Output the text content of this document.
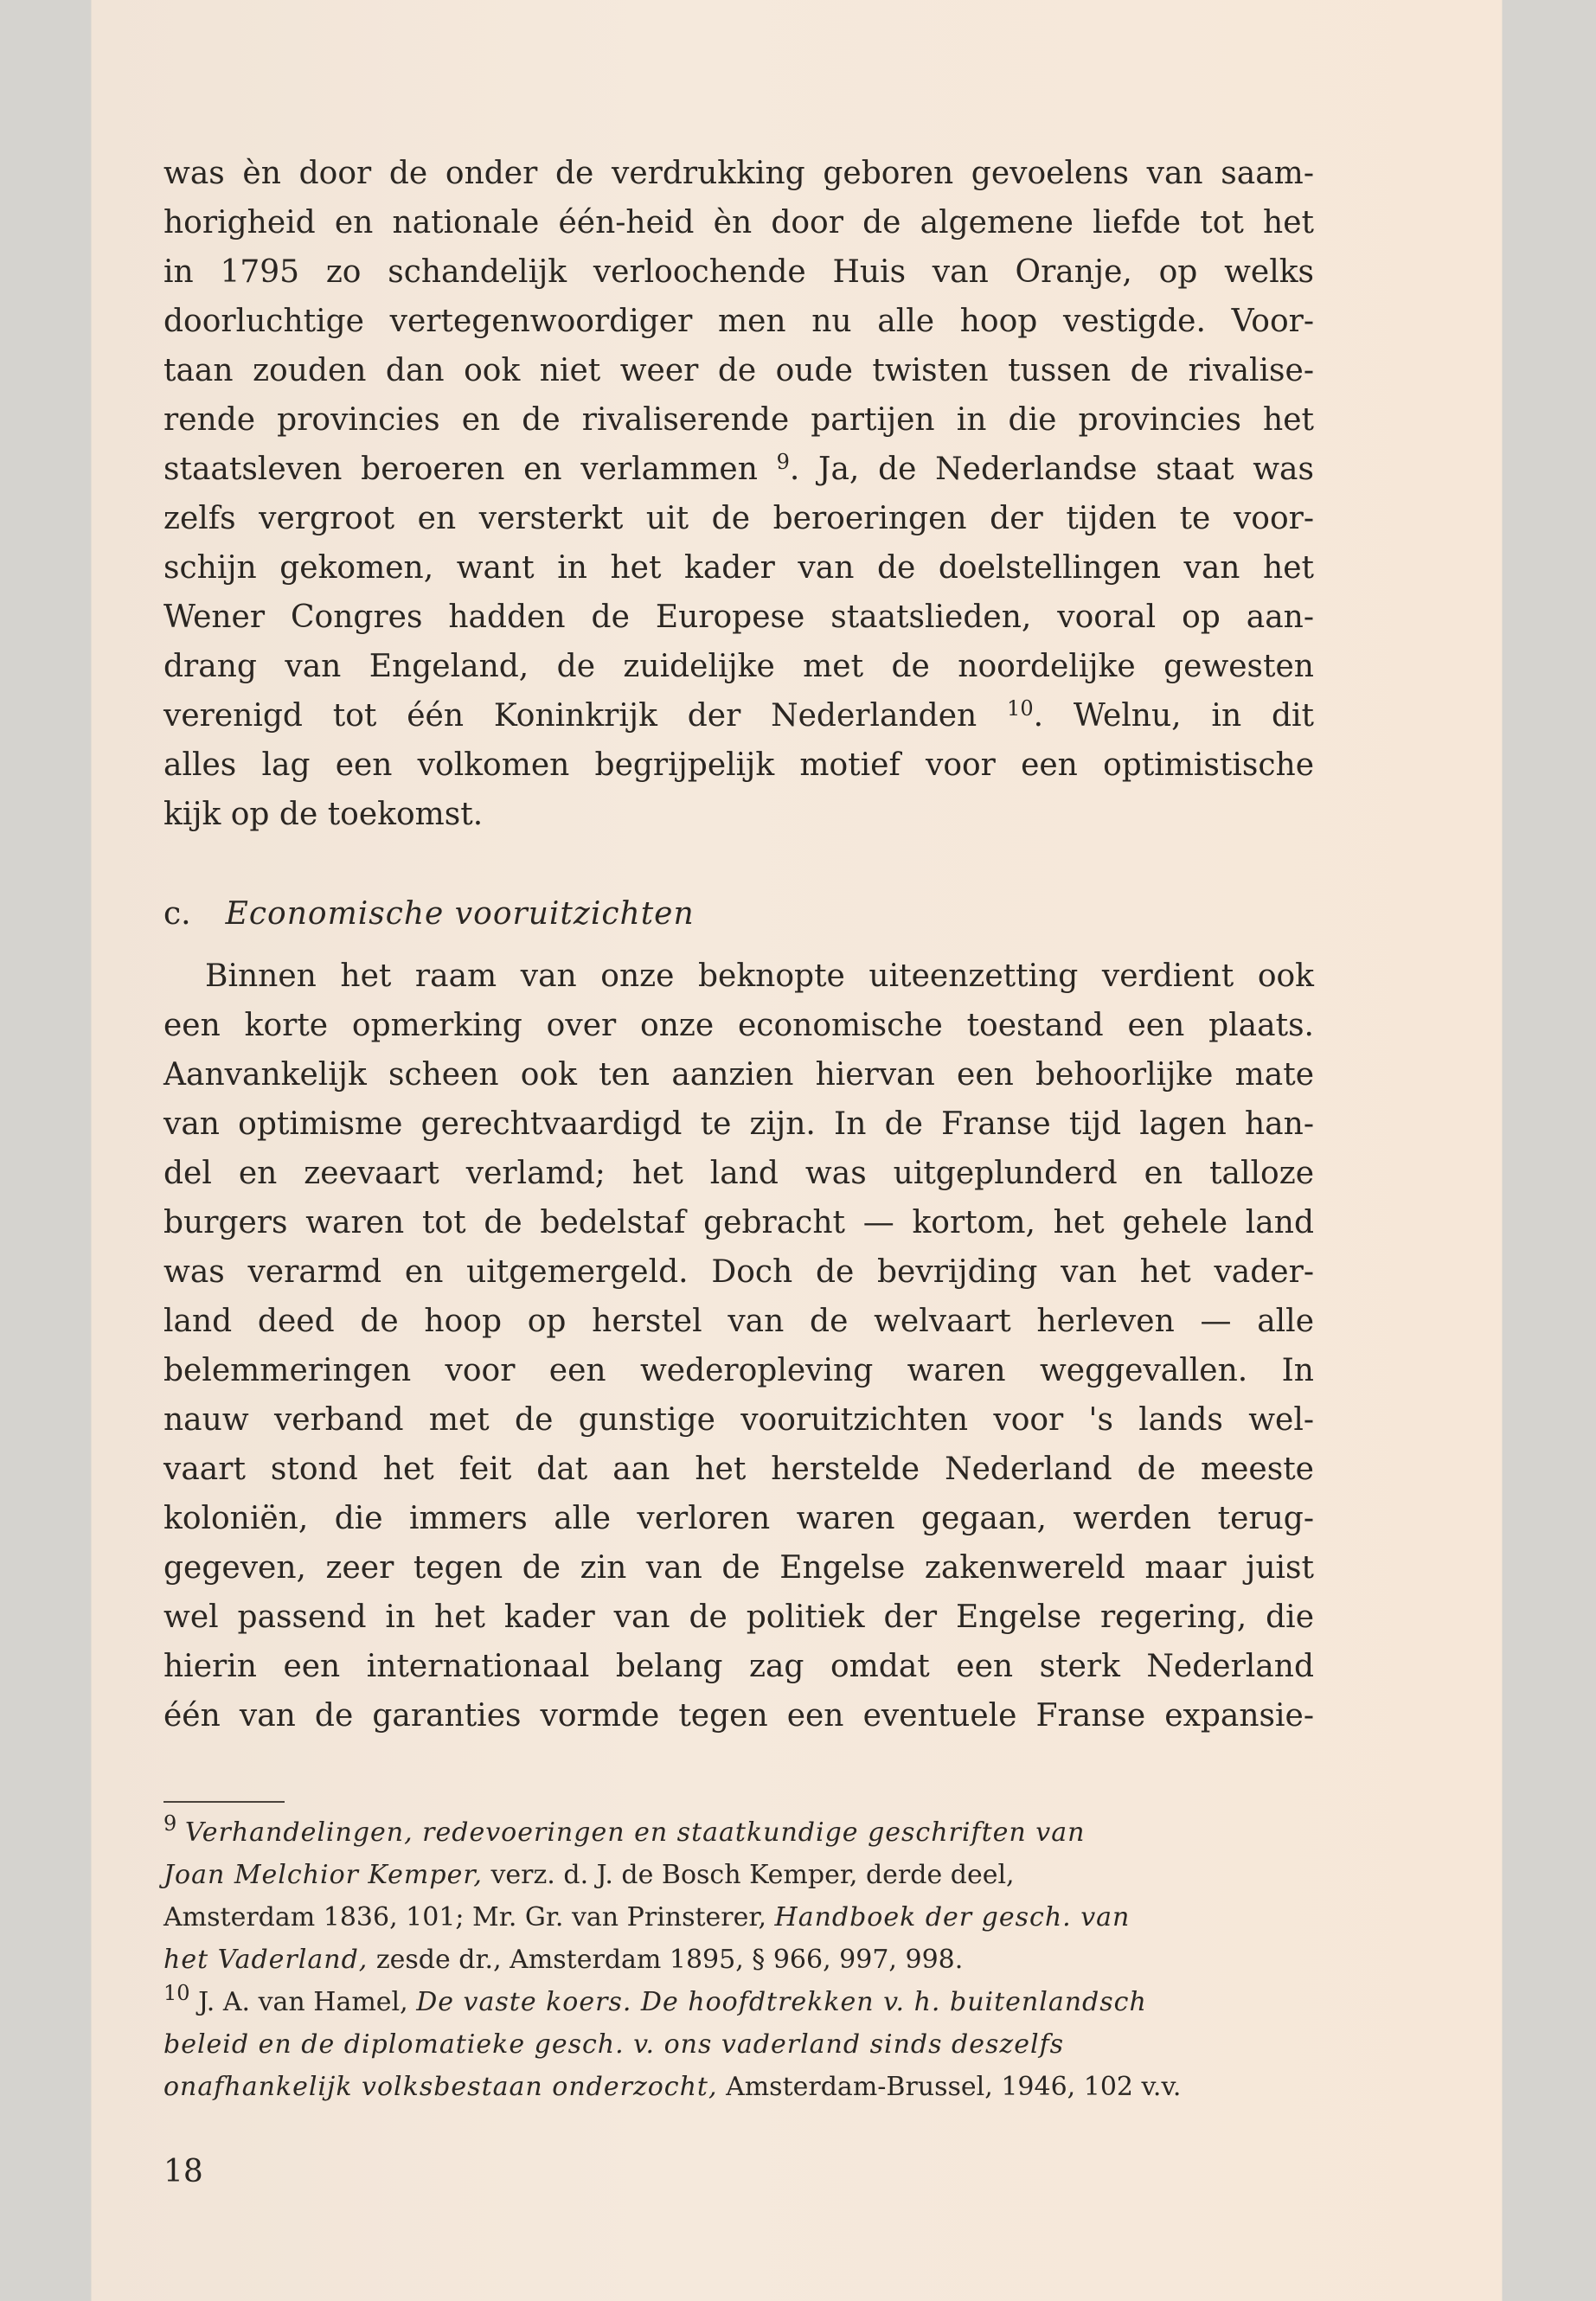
was èn door de onder de verdrukking geboren gevoelens van saam-
horigheid en nationale één-heid èn door de algemene liefde tot het
in 1795 zo schandelijk verloochende Huis van Oranje, op welks
doorluchtige vertegenwoordiger men nu alle hoop vestigde. Voor-
taan zouden dan ook niet weer de oude twisten tussen de rivalise-
rende provincies en de rivaliserende partijen in die provincies het
staatsleven beroeren en verlammen $^9$. Ja, de Nederlandse staat was
zelfs vergroot en versterkt uit de beroeringen der tijden te voor-
schijn gekomen, want in het kader van de doelstellingen van het
Wener Congres hadden de Europese staatslieden, vooral op aan-
drang van Engeland, de zuidelijke met de noordelijke gewesten
verenigd tot één Koninkrijk der Nederlanden $^{10}$. Welnu, in dit
alles lag een volkomen begrijpelijk motief voor een optimistische
kijk op de toekomst.
c. Economische vooruitzichten
Binnen het raam van onze beknopte uiteenzetting verdient ook
een korte opmerking over onze economische toestand een plaats.
Aanvankelijk scheen ook ten aanzien hiervan een behoorlijke mate
van optimisme gerechtvaardigd te zijn. In de Franse tijd lagen han-
del en zeevaart verlamd; het land was uitgeplunderd en talloze
burgers waren tot de bedelstaf gebracht — kortom, het gehele land
was verarmd en uitgemergeld. Doch de bevrijding van het vader-
land deed de hoop op herstel van de welvaart herleven — alle
belemmeringen voor een wederopleving waren weggevallen. In
nauw verband met de gunstige vooruitzichten voor 's lands wel-
vaart stond het feit dat aan het herstelde Nederland de meeste
koloniën, die immers alle verloren waren gegaan, werden terug-
gegeven, zeer tegen de zin van de Engelse zakenwereld maar juist
wel passend in het kader van de politiek der Engelse regering, die
hierin een internationaal belang zag omdat een sterk Nederland
één van de garanties vormde tegen een eventuele Franse expansie-
$^9$ Verhandelingen, redevoeringen en staatkundige geschriften van
Joan Melchior Kemper, verz. d. J. de Bosch Kemper, derde deel,
Amsterdam 1836, 101; Mr. Gr. van Prinsterer, Handboek der gesch. van
het Vaderland, zesde dr., Amsterdam 1895, § 966, 997, 998.
$^{10}$ J. A. van Hamel, De vaste koers. De hoofdtrekken v. h. buitenlandsch
beleid en de diplomatieke gesch. v. ons vaderland sinds deszelfs
onafhankelijk volksbestaan onderzocht, Amsterdam-Brussel, 1946, 102 v.v.
18
